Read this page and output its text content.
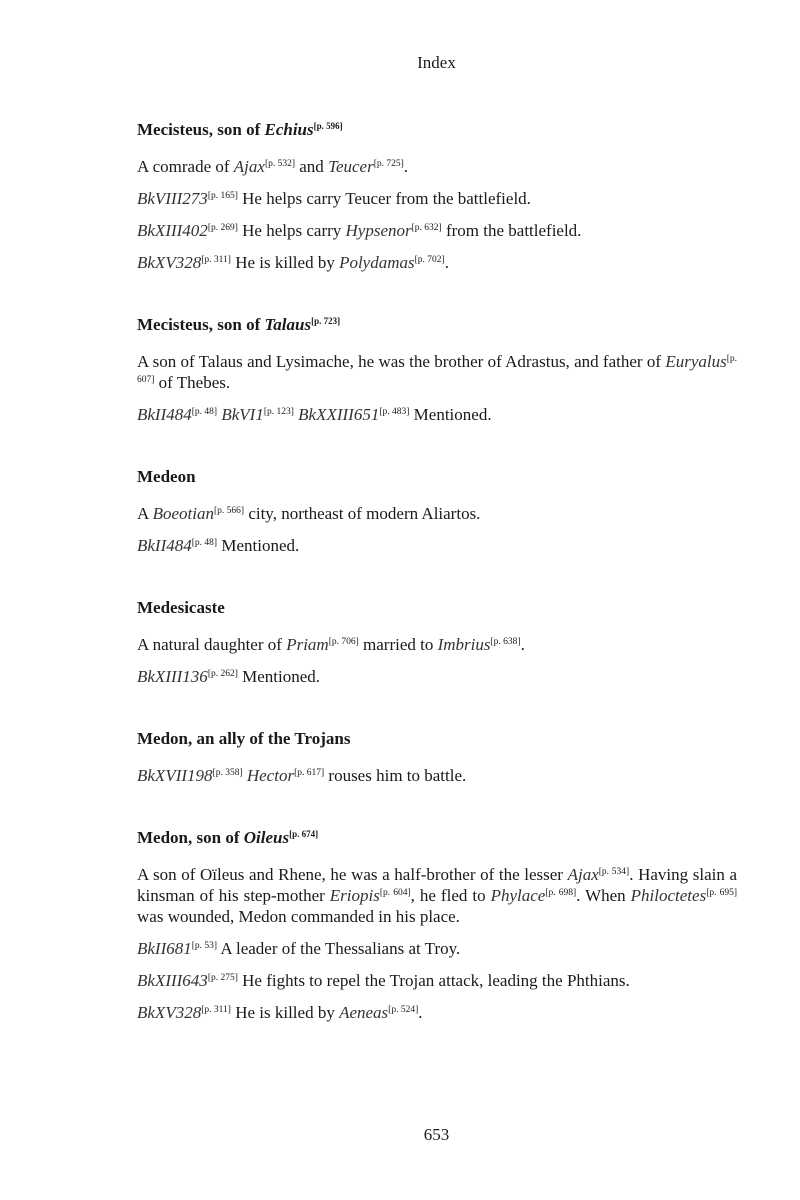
Index
Mecisteus, son of Echius[p. 596]
A comrade of Ajax[p. 532] and Teucer[p. 725].
BkVIII273[p. 165] He helps carry Teucer from the battlefield.
BkXIII402[p. 269] He helps carry Hypsenor[p. 632] from the battlefield.
BkXV328[p. 311] He is killed by Polydamas[p. 702].
Mecisteus, son of Talaus[p. 723]
A son of Talaus and Lysimache, he was the brother of Adrastus, and father of Euryalus[p. 607] of Thebes.
BkII484[p. 48] BkVI1[p. 123] BkXXIII651[p. 483] Mentioned.
Medeon
A Boeotian[p. 566] city, northeast of modern Aliartos.
BkII484[p. 48] Mentioned.
Medesicaste
A natural daughter of Priam[p. 706] married to Imbrius[p. 638].
BkXIII136[p. 262] Mentioned.
Medon, an ally of the Trojans
BkXVII198[p. 358] Hector[p. 617] rouses him to battle.
Medon, son of Oileus[p. 674]
A son of Oïleus and Rhene, he was a half-brother of the lesser Ajax[p. 534]. Having slain a kinsman of his step-mother Eriopis[p. 604], he fled to Phylace[p. 698]. When Philoctetes[p. 695] was wounded, Medon commanded in his place.
BkII681[p. 53] A leader of the Thessalians at Troy.
BkXIII643[p. 275] He fights to repel the Trojan attack, leading the Phthians.
BkXV328[p. 311] He is killed by Aeneas[p. 524].
653
